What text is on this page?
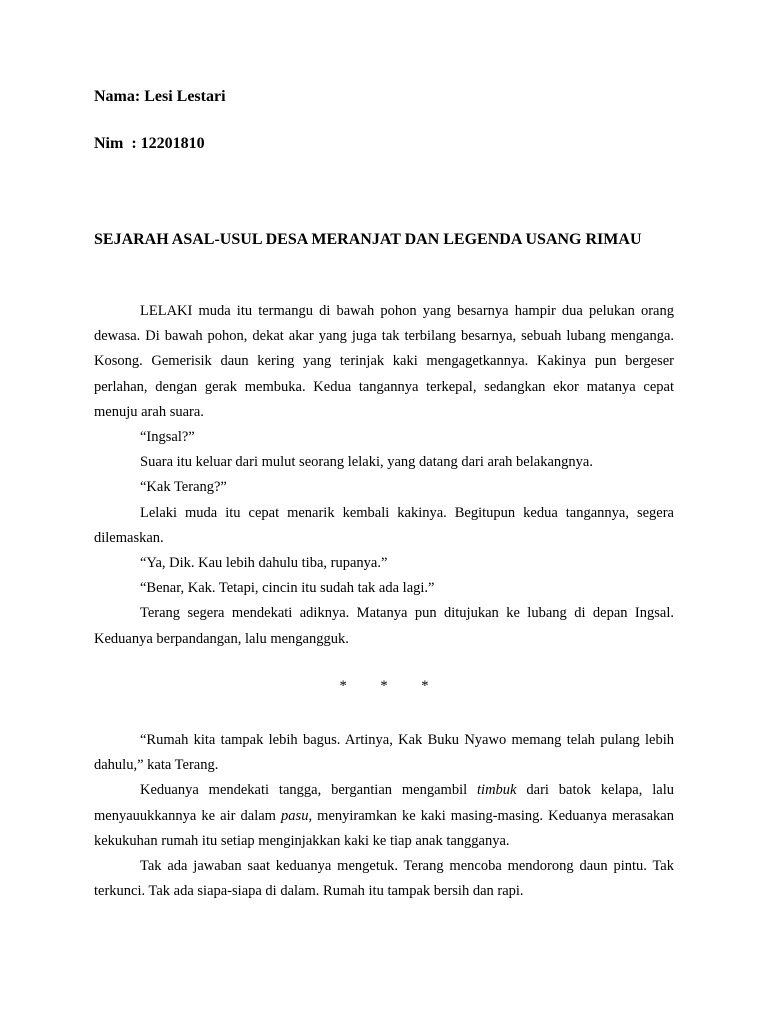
Nama: Lesi Lestari
Nim  : 12201810
SEJARAH ASAL-USUL DESA MERANJAT DAN LEGENDA USANG RIMAU

LELAKI muda itu termangu di bawah pohon yang besarnya hampir dua pelukan orang dewasa. Di bawah pohon, dekat akar yang juga tak terbilang besarnya, sebuah lubang menganga. Kosong. Gemerisik daun kering yang terinjak kaki mengagetkannya. Kakinya pun bergeser perlahan, dengan gerak membuka. Kedua tangannya terkepal, sedangkan ekor matanya cepat menuju arah suara.

“Ingsal?”

Suara itu keluar dari mulut seorang lelaki, yang datang dari arah belakangnya.

“Kak Terang?”

Lelaki muda itu cepat menarik kembali kakinya. Begitupun kedua tangannya, segera dilemaskan.

“Ya, Dik. Kau lebih dahulu tiba, rupanya.”

“Benar, Kak. Tetapi, cincin itu sudah tak ada lagi.”

Terang segera mendekati adiknya. Matanya pun ditujukan ke lubang di depan Ingsal. Keduanya berpandangan, lalu mengangguk.

* * *

“Rumah kita tampak lebih bagus. Artinya, Kak Buku Nyawo memang telah pulang lebih dahulu,” kata Terang.

Keduanya mendekati tangga, bergantian mengambil timbuk dari batok kelapa, lalu menyauukkannya ke air dalam pasu, menyiramkan ke kaki masing-masing. Keduanya merasakan kekukuhan rumah itu setiap menginjakkan kaki ke tiap anak tangganya.

Tak ada jawaban saat keduanya mengetuk. Terang mencoba mendorong daun pintu. Tak terkunci. Tak ada siapa-siapa di dalam. Rumah itu tampak bersih dan rapi.
